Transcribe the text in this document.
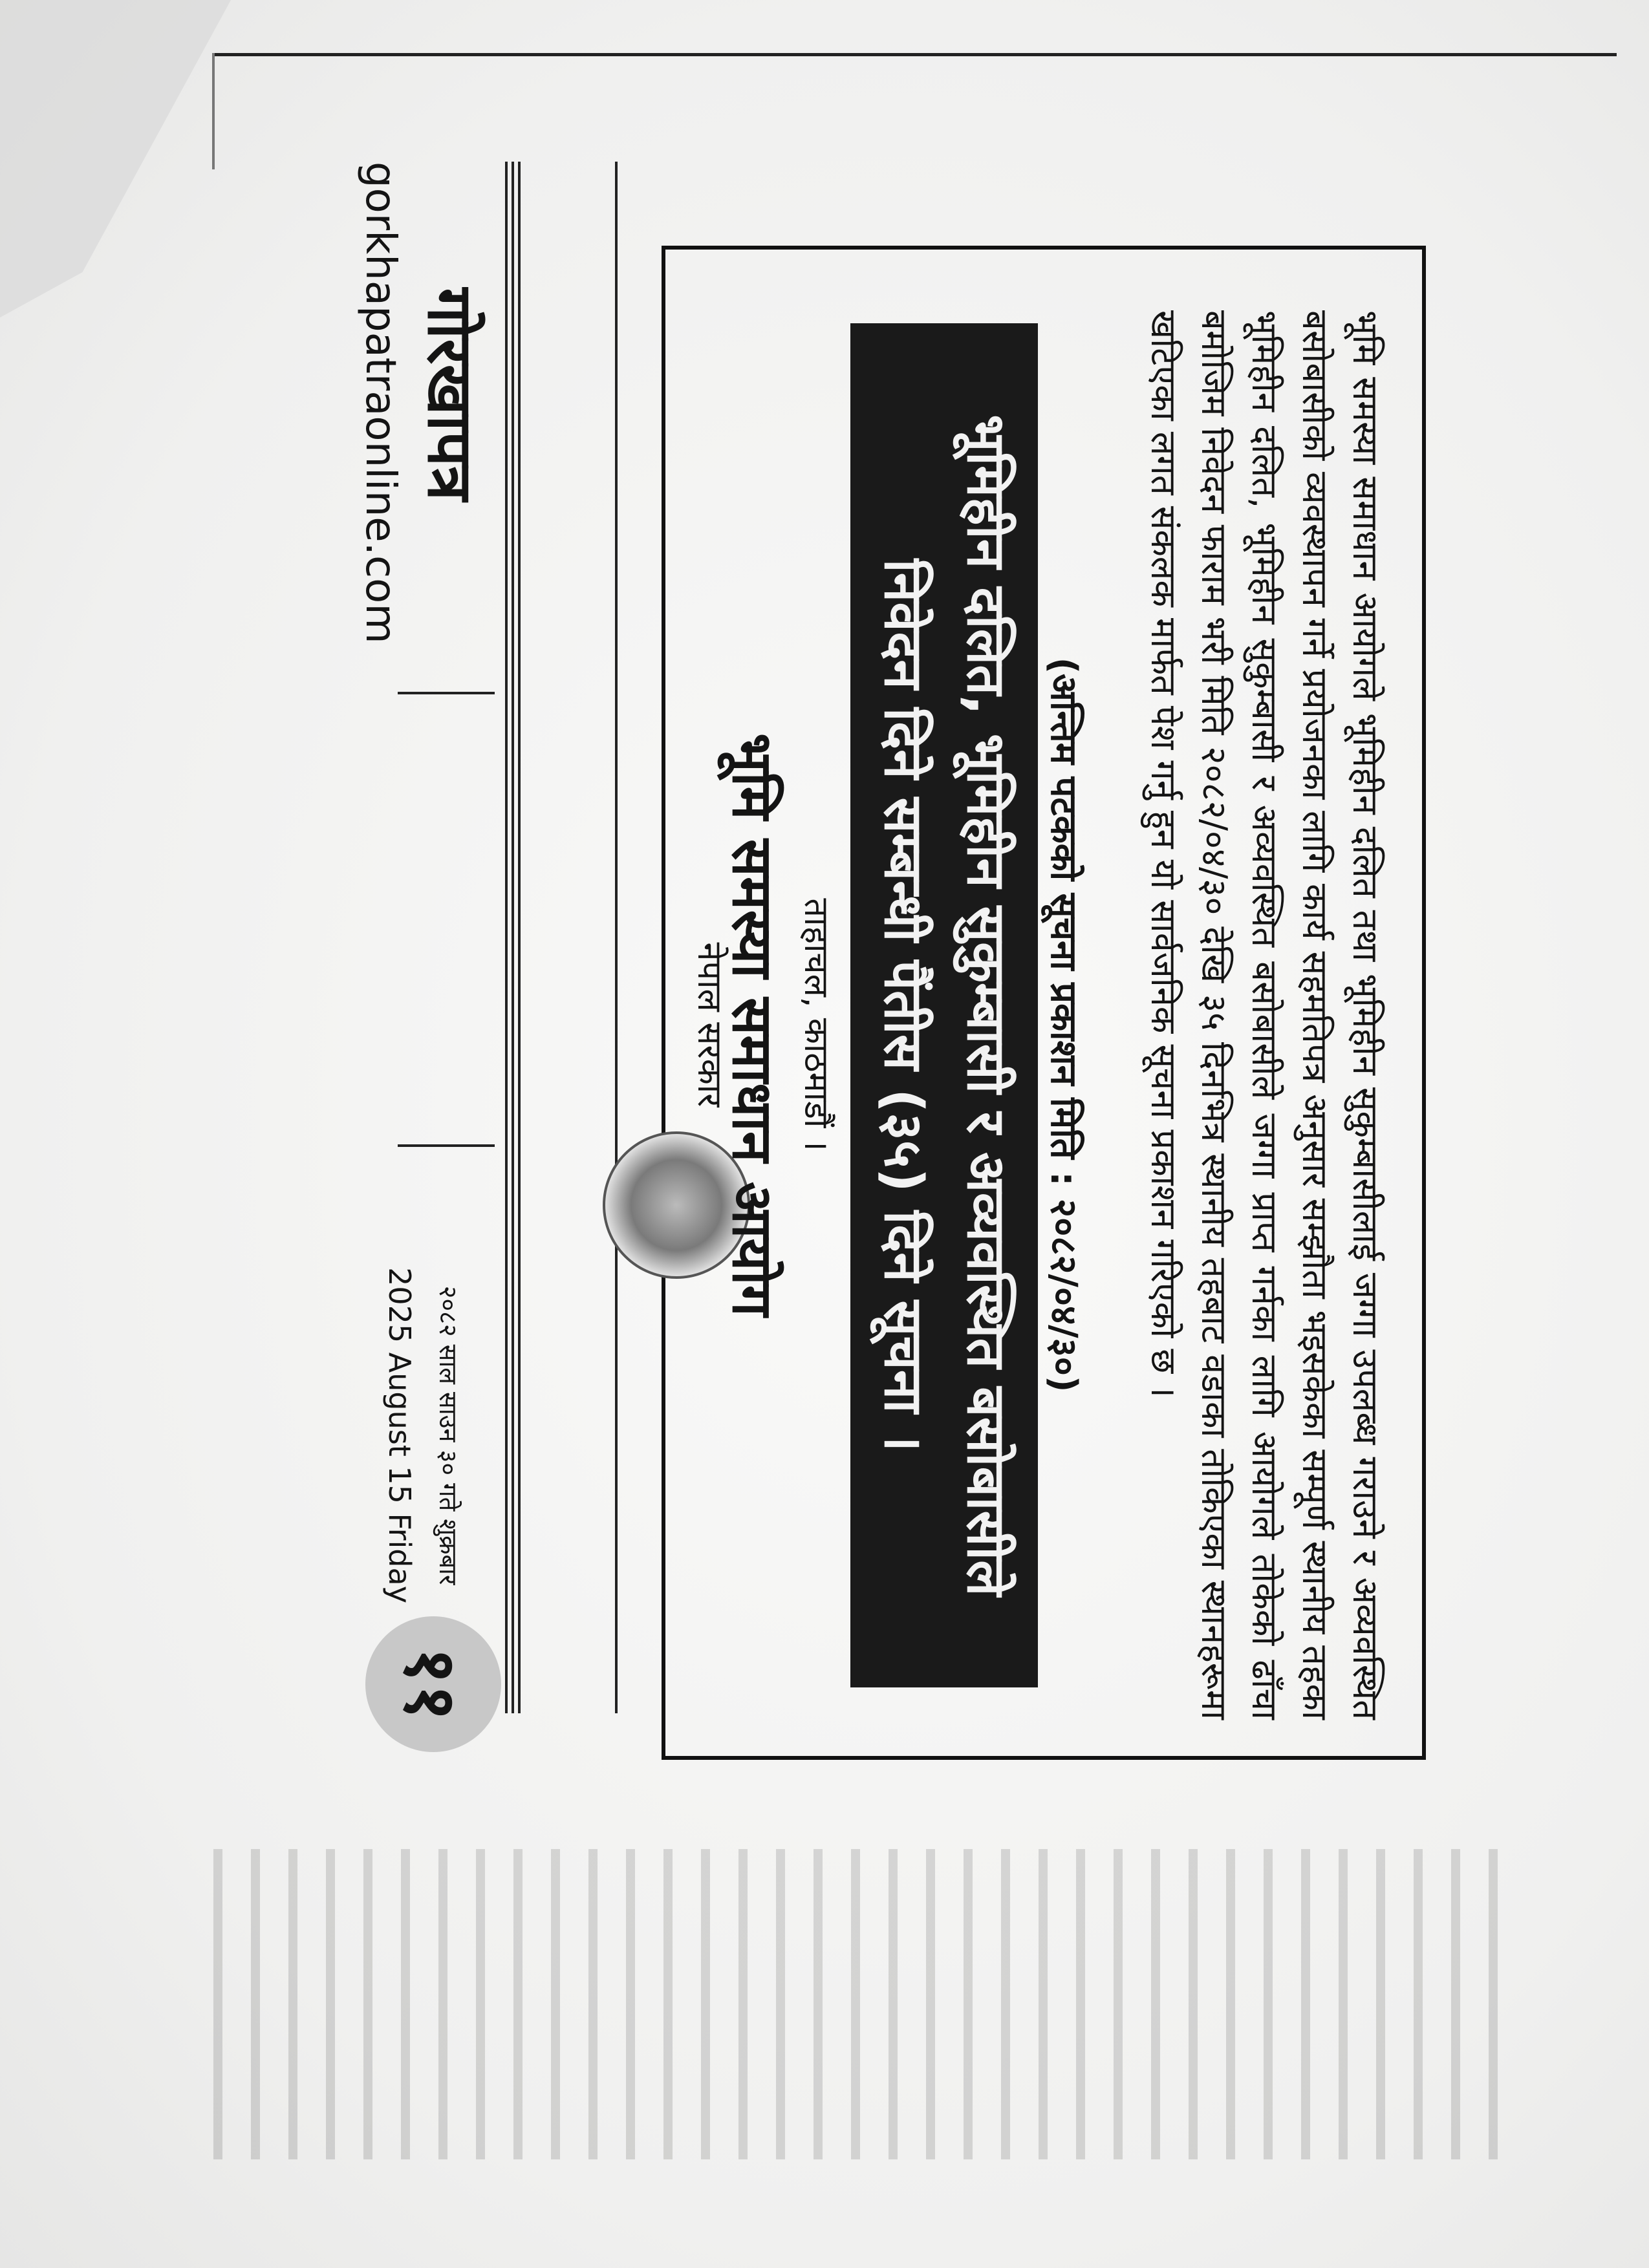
गोरखापत्र
gorkhapatraonline.com
२०८२ साल साउन ३० गते शुक्रबार
2025 August 15 Friday
११
नेपाल सरकार
भूमि समस्या समाधान आयोग ताहाचल, काठमाडौं । भूमिहीन दलित, भूमिहीन सुकुम्बासी र अव्यवस्थित बसोबासीले
निवेदन दिने सम्बन्धी पैंतीस (३५) दिने सूचना ।	(अन्तिम पटकको सूचना प्रकाशन मिति : २०८२/०४/३०)	भूमि समस्या समाधान आयोगले भूमिहीन दलित तथा भूमिहीन सुकुम्बासीलाई जग्गा उपलब्ध गराउने र अव्यवस्थित बसोबासीको व्यवस्थापन गर्ने प्रयोजनका लागि कार्य सहमतिपत्र अनुसार सम्झौता भइसकेका सम्पूर्ण स्थानीय तहका भूमिहीन दलित, भूमिहीन सुकुम्बासी र अव्यवस्थित बसोबासीले जग्गा प्राप्त गर्नका लागि आयोगले तोकेको ढाँचा बमोजिम निवेदन फाराम भरी मिति २०८२/०४/३० देखि ३५ दिनभित्र स्थानीय तहबाट वडाका तोकिएका स्थानहरूमा खटिएका लगत संकलक मार्फत पेश गर्नु हुन यो सार्वजनिक सूचना प्रकाशन गरिएको छ ।
